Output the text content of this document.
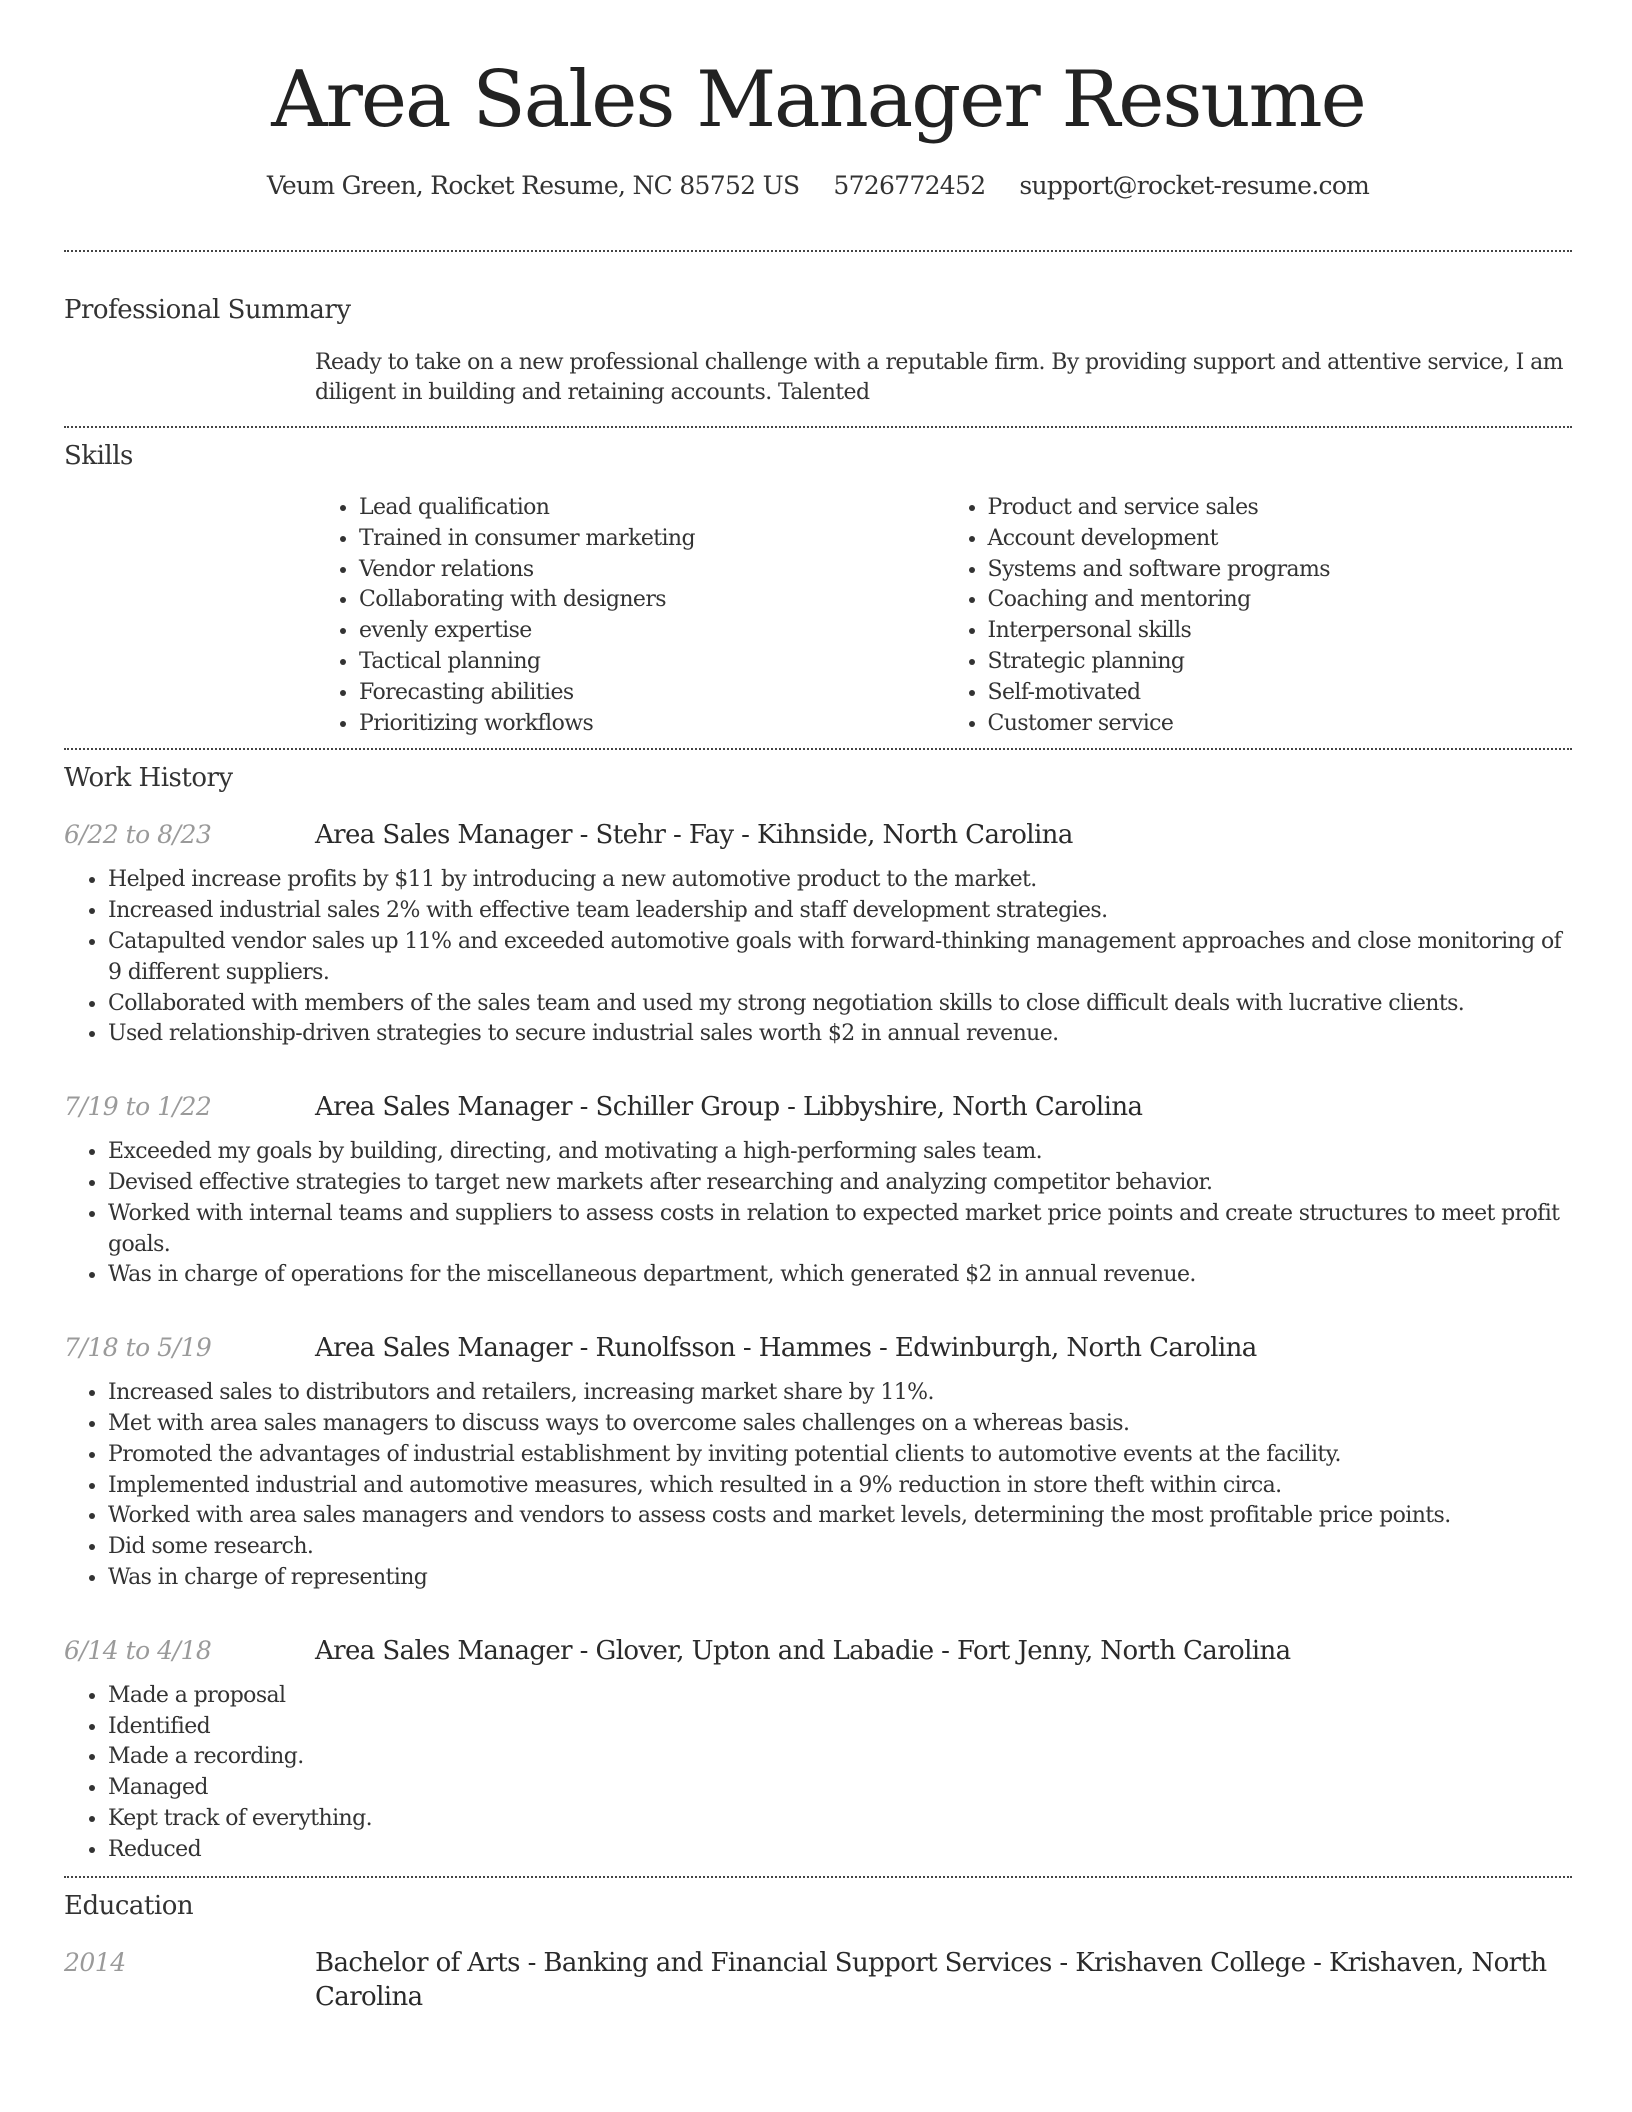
Area Sales Manager Resume
Veum Green, Rocket Resume, NC 85752 US 5726772452 support@rocket-resume.com
Professional Summary
Ready to take on a new professional challenge with a reputable firm. By providing support and attentive service, I am diligent in building and retaining accounts. Talented
Skills
• Lead qualification
• Trained in consumer marketing
• Vendor relations
• Collaborating with designers
• evenly expertise
• Tactical planning
• Forecasting abilities
• Prioritizing workflows
• Product and service sales
• Account development
• Systems and software programs
• Coaching and mentoring
• Interpersonal skills
• Strategic planning
• Self-motivated
• Customer service
Work History
6/22 to 8/23	Area Sales Manager - Stehr - Fay - Kihnside, North Carolina
• Helped increase profits by $11 by introducing a new automotive product to the market.
• Increased industrial sales 2% with effective team leadership and staff development strategies.
• Catapulted vendor sales up 11% and exceeded automotive goals with forward-thinking management approaches and close monitoring of 9 different suppliers.
• Collaborated with members of the sales team and used my strong negotiation skills to close difficult deals with lucrative clients.
• Used relationship-driven strategies to secure industrial sales worth $2 in annual revenue.
7/19 to 1/22	Area Sales Manager - Schiller Group - Libbyshire, North Carolina
• Exceeded my goals by building, directing, and motivating a high-performing sales team.
• Devised effective strategies to target new markets after researching and analyzing competitor behavior.
• Worked with internal teams and suppliers to assess costs in relation to expected market price points and create structures to meet profit goals.
• Was in charge of operations for the miscellaneous department, which generated $2 in annual revenue.
7/18 to 5/19	Area Sales Manager - Runolfsson - Hammes - Edwinburgh, North Carolina
• Increased sales to distributors and retailers, increasing market share by 11%.
• Met with area sales managers to discuss ways to overcome sales challenges on a whereas basis.
• Promoted the advantages of industrial establishment by inviting potential clients to automotive events at the facility.
• Implemented industrial and automotive measures, which resulted in a 9% reduction in store theft within circa.
• Worked with area sales managers and vendors to assess costs and market levels, determining the most profitable price points.
• Did some research.
• Was in charge of representing
6/14 to 4/18	Area Sales Manager - Glover, Upton and Labadie - Fort Jenny, North Carolina
• Made a proposal
• Identified
• Made a recording.
• Managed
• Kept track of everything.
• Reduced
Education
2014	Bachelor of Arts - Banking and Financial Support Services - Krishaven College - Krishaven, North Carolina
